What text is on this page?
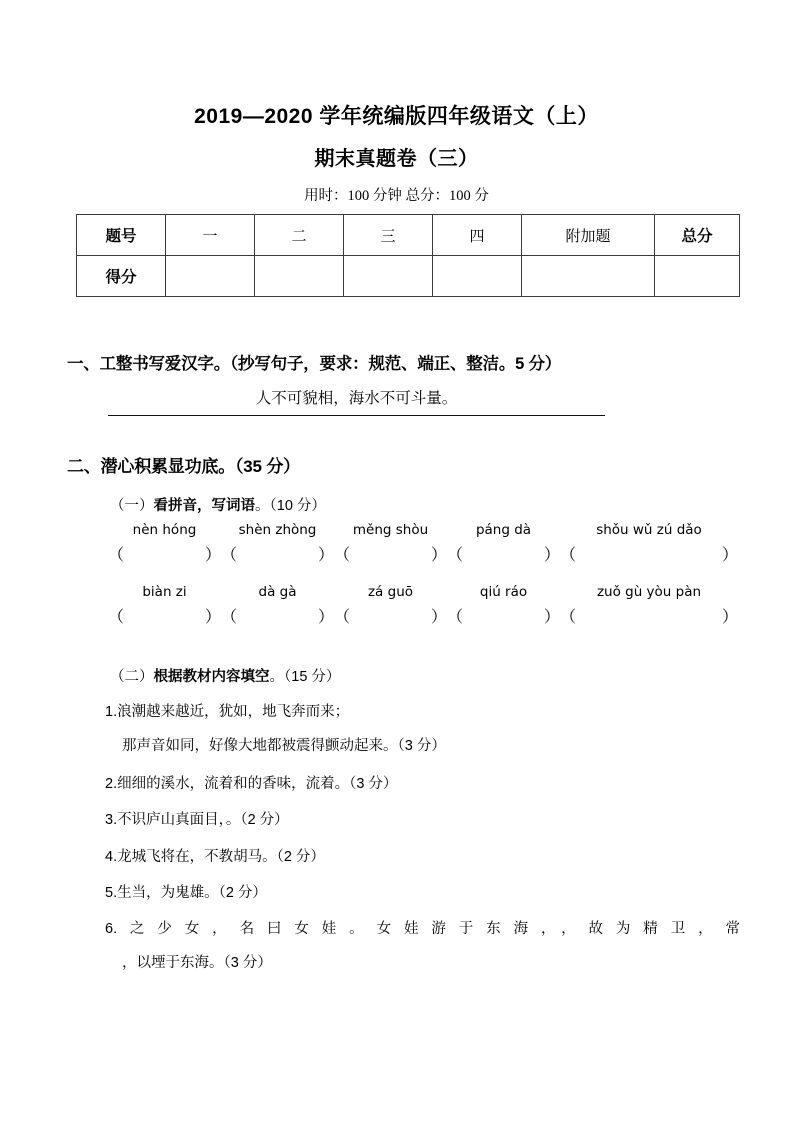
2019—2020 学年统编版四年级语文（上）
期末真题卷（三）
用时：100 分钟 总分：100 分
题号	一	二	三	四	附加题	总分
得分						
一、工整书写爱汉字。（抄写句子，要求：规范、端正、整洁。5 分）
人不可貌相，海水不可斗量。
二、潜心积累显功底。（35 分）
（一）看拼音，写词语。（10 分）
nèn hóng	shèn zhòng	měng shòu	páng dà	shǒu wǔ zú dǎo
（	） （	） （	） （	） （	）
biàn zi	dà gà	zá guō	qiú ráo	zuǒ gù yòu pàn
（	） （	） （	） （	） （	）
（二）根据教材内容填空。（15 分）
1.浪潮越来越近，犹如，地飞奔而来；
那声音如同，好像大地都被震得颤动起来。（3 分）
2.细细的溪水，流着和的香味，流着。（3 分）
3.不识庐山真面目，。（2 分）
4.龙城飞将在，不教胡马。（2 分）
5.生当，为鬼雄。（2 分）
6.之少女，名曰女娃。女娃游于东海，，故为精卫，常
，以堙于东海。（3 分）
